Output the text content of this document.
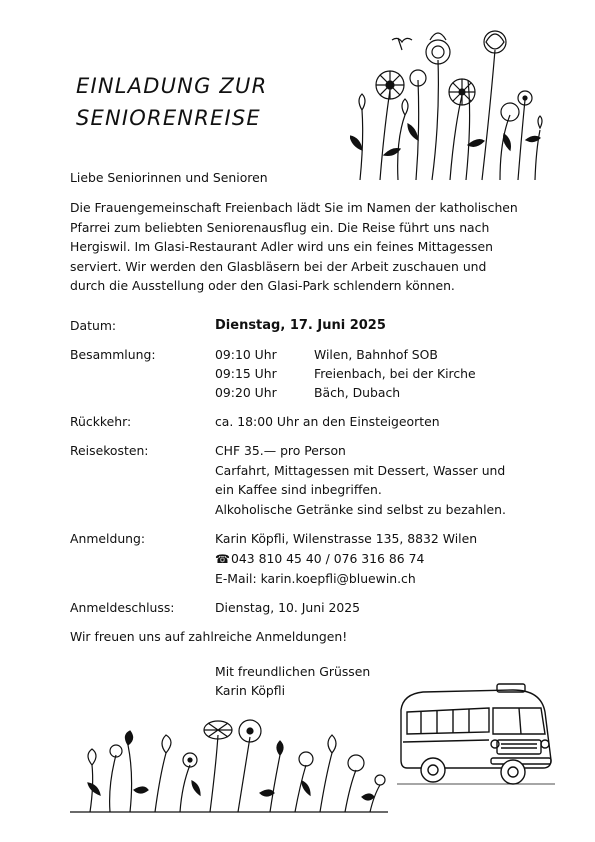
EINLADUNG ZUR
SENIORENREISE
Liebe Seniorinnen und Senioren
Die Frauengemeinschaft Freienbach lädt Sie im Namen der katholischen
Pfarrei zum beliebten Seniorenausflug ein. Die Reise führt uns nach
Hergiswil. Im Glasi-Restaurant Adler wird uns ein feines Mittagessen
serviert. Wir werden den Glasbläsern bei der Arbeit zuschauen und
durch die Ausstellung oder den Glasi-Park schlendern können.
Datum:	Dienstag, 17. Juni 2025
Besammlung:	09:10 Uhr	Wilen, Bahnhof SOB
09:15 Uhr	Freienbach, bei der Kirche
09:20 Uhr	Bäch, Dubach
Rückkehr:	ca. 18:00 Uhr an den Einsteigeorten
Reisekosten:	CHF 35.— pro Person
Carfahrt, Mittagessen mit Dessert, Wasser und
ein Kaffee sind inbegriffen.
Alkoholische Getränke sind selbst zu bezahlen.
Anmeldung:	Karin Köpfli, Wilenstrasse 135, 8832 Wilen
☎043 810 45 40 / 076 316 86 74
E-Mail: karin.koepfli@bluewin.ch
Anmeldeschluss:	Dienstag, 10. Juni 2025
Wir freuen uns auf zahlreiche Anmeldungen!
Mit freundlichen Grüssen
Karin Köpfli
